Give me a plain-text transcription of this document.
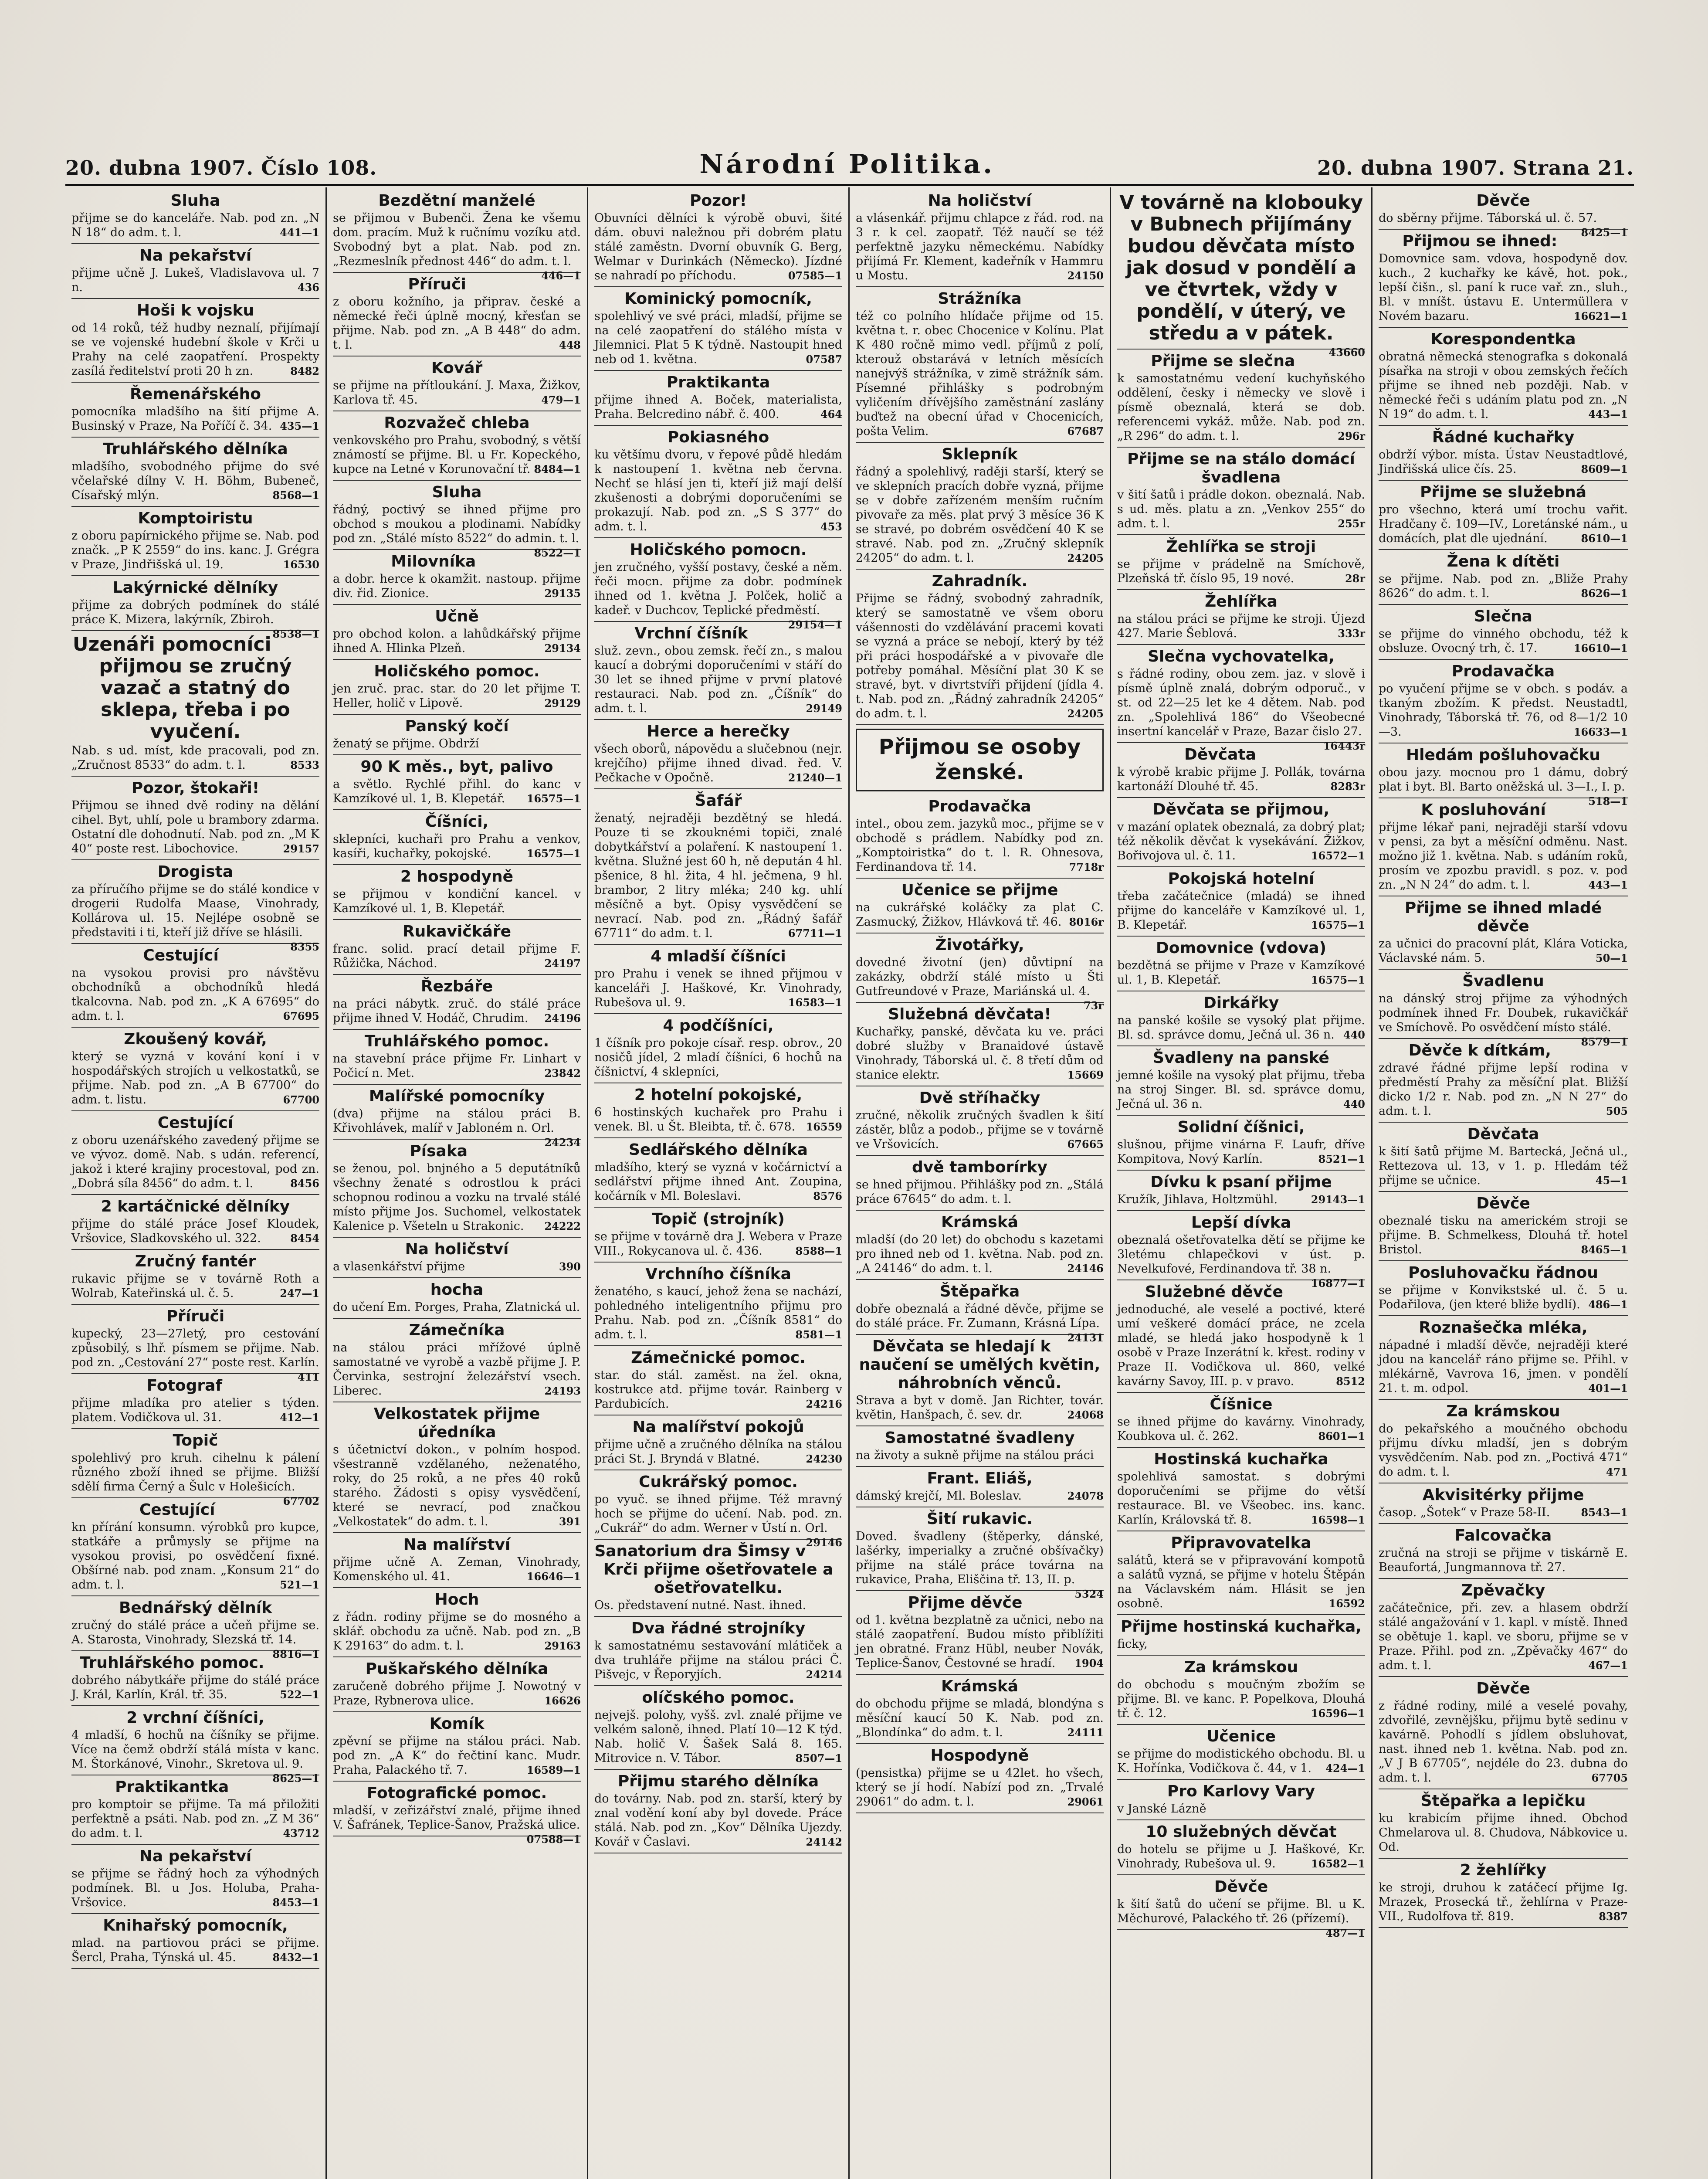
20. dubna 1907. Číslo 108.	Národní Politika.	20. dubna 1907. Strana 21.
Sluha
přijme se do kanceláře. Nab. pod zn. „N N 18“ do adm. t. l.	441—1
Na pekařství
přijme učně J. Lukeš, Vladislavova ul. 7 n.	436
Hoši k vojsku
od 14 roků, též hudby neznalí, přijímají se ve vojenské hudební škole v Krči u Prahy na celé zaopatření. Prospekty zasílá ředitelství proti 20 h zn.	8482
Řemenářského
pomocníka mladšího na šití přijme A. Businský v Praze, Na Poříčí č. 34. 435—1
Truhlářského dělníka
mladšího, svobodného přijme do své včelařské dílny V. H. Böhm, Bubeneč, Císařský mlýn.	8568—1
Komptoiristu
z oboru papírnického přijme se. Nab. pod značk. „P K 2559“ do ins. kanc. J. Grégra v Praze, Jindřišská ul. 19.	16530
Lakýrnické dělníky
přijme za dobrých podmínek do stálé práce K. Mizera, lakýrník, Zbiroh.
8538—1
Uzenáři pomocníci přijmou se zručný vazač a statný do sklepa, třeba i po vyučení.
Nab. s ud. míst, kde pracovali, pod zn. „Zručnost 8533“ do adm. t. l.	8533
Pozor, štokaři!
Přijmou se ihned dvě rodiny na dělání cihel. Byt, uhlí, pole u brambory zdarma. Ostatní dle dohodnutí. Nab. pod zn. „M K 40“ poste rest. Libochovice.	29157
Drogista
za příručího přijme se do stálé kondice v drogerii Rudolfa Maase, Vinohrady, Kollárova ul. 15. Nejlépe osobně se představiti i ti, kteří již dříve se hlásili.
8355
Cestující
na vysokou provisi pro návštěvu obchodníků a obchodníků hledá tkalcovna. Nab. pod zn. „K A 67695“ do adm. t. l.	67695
Zkoušený kovář,
který se vyzná v kování koní i v hospodářských strojích u velkostatků, se přijme. Nab. pod zn. „A B 67700“ do adm. t. listu.	67700
Cestující
z oboru uzenářského zavedený přijme se ve vývoz. domě. Nab. s udán. referencí, jakož i které krajiny procestoval, pod zn. „Dobrá síla 8456“ do adm. t. l.	8456
2 kartáčnické dělníky
přijme do stálé práce Josef Kloudek, Vršovice, Sladkovského ul. 322.	8454
Zručný fantér
rukavic přijme se v továrně Roth a Wolrab, Kateřinská ul. č. 5.	247—1
Příruči
kupecký, 23—27letý, pro cestování způsobilý, s lhř. písmem se přijme. Nab. pod zn. „Cestování 27“ poste rest. Karlín.
411
Fotograf
přijme mladíka pro atelier s týden. platem. Vodičkova ul. 31.	412—1
Topič
spolehlivý pro kruh. cihelnu k pálení různého zboží ihned se přijme. Bližší sdělí firma Černý a Šulc v Holešicích.
67702
Cestující
kn přírání konsumn. výrobků pro kupce, statkáře a průmysly se přijme na vysokou provisi, po osvědčení fixné. Obšírné nab. pod znam. „Konsum 21“ do adm. t. l.	521—1
Bednářský dělník
zručný do stálé práce a učeň přijme se. A. Starosta, Vinohrady, Slezská tř. 14.
8816—1
Truhlářského pomoc.
dobrého nábytkáře přijme do stálé práce J. Král, Karlín, Král. tř. 35.	522—1
2 vrchní číšníci,
4 mladší, 6 hochů na číšníky se přijme. Více na čemž obdrží stálá místa v kanc. M. Štorkánové, Vinohr., Skretova ul. 9.
8625—1
Praktikantka
pro komptoir se přijme. Ta má přiložiti perfektně a psáti. Nab. pod zn. „Z M 36“ do adm. t. l.	43712
Na pekařství
se přijme se řádný hoch za výhodných podmínek. Bl. u Jos. Holuba, Praha-Vršovice.	8453—1
Knihařský pomocník,
mlad. na partiovou práci se přijme. Šercl, Praha, Týnská ul. 45.	8432—1
Bezdětní manželé
se přijmou v Bubenči. Žena ke všemu dom. pracím. Muž k ručnímu vozíku atd. Svobodný byt a plat. Nab. pod zn. „Rezmeslník přednost 446“ do adm. t. l.
446—1
Příruči
z oboru kožního, ja připrav. české a německé řeči úplně mocný, křesťan se přijme. Nab. pod zn. „A B 448“ do adm. t. l.	448
Kovář
se přijme na přítloukání. J. Maxa, Žižkov, Karlova tř. 45.	479—1
Rozvažeč chleba
venkovského pro Prahu, svobodný, s větší známostí se přijme. Bl. u Fr. Kopeckého, kupce na Letné v Korunovační tř. 8484—1
Sluha
řádný, poctivý se ihned přijme pro obchod s moukou a plodinami. Nabídky pod zn. „Stálé místo 8522“ do admin. t. l.
8522—1
Milovníka
a dobr. herce k okamžit. nastoup. přijme div. řid. Zionice.	29135
Učně
pro obchod kolon. a lahůdkářský přijme ihned A. Hlinka Plzeň.	29134
Holičského pomoc.
jen zruč. prac. star. do 20 let přijme T. Heller, holič v Lipově.	29129
Panský kočí
ženatý se přijme. Obdrží
90 K měs., byt, palivo
a světlo. Rychlé přihl. do kanc v Kamzíkové ul. 1, B. Klepetář. 16575—1
Číšníci,
sklepníci, kuchaři pro Prahu a venkov, kasíři, kuchařky, pokojské.	16575—1
2 hospodyně
se přijmou v kondiční kancel. v Kamzíkové ul. 1, B. Klepetář.
Rukavičkáře
franc. solid. prací detail přijme F. Růžička, Náchod.	24197
Řezbáře
na práci nábytk. zruč. do stálé práce přijme ihned V. Hodáč, Chrudim. 24196
Truhlářského pomoc.
na stavební práce přijme Fr. Linhart v Počicí n. Met.	23842
Malířské pomocníky
(dva) přijme na stálou práci B. Křivohlávek, malíř v Jabloném n. Orl.
24234
Písaka
se ženou, pol. bnjného a 5 deputátníků všechny ženaté s odrostlou k práci schopnou rodinou a vozku na trvalé stálé místo přijme Jos. Suchomel, velkostatek Kalenice p. Všeteln u Strakonic. 24222
Na holičství
a vlasenkářství přijme	390
hocha
do učení Em. Porges, Praha, Zlatnická ul.
Zámečníka
na stálou práci mřížové úplně samostatné ve vyrobě a vazbě přijme J. P. Červinka, sestrojní železářství vsech. Liberec.	24193
Velkostatek přijme úředníka
s účetnictví dokon., v polním hospod. všestranně vzdělaného, neženatého, roky, do 25 roků, a ne přes 40 roků starého. Žádosti s opisy vysvědčení, které se nevrací, pod značkou „Velkostatek“ do adm. t. l.	391
Na malířství
přijme učně A. Zeman, Vinohrady, Komenského ul. 41.	16646—1
Hoch
z řádn. rodiny přijme se do mosného a sklář. obchodu za učně. Nab. pod zn. „B K 29163“ do adm. t. l.	29163
Puškařského dělníka
zaručeně dobrého přijme J. Nowotný v Praze, Rybnerova ulice.	16626
Komík
zpěvní se přijme na stálou práci. Nab. pod zn. „A K“ do řečtiní kanc. Mudr. Praha, Palackého tř. 7.	16589—1
Fotografické pomoc.
mladší, v zeřizářství znalé, přijme ihned V. Šafránek, Teplice-Šanov, Pražská ulice.
07588—1
Pozor!
Obuvníci dělníci k výrobě obuvi, šité dám. obuvi naležnou při dobrém platu stálé zaměstn. Dvorní obuvník G. Berg, Welmar v Durinkách (Německo). Jízdné se nahradí po příchodu.	07585—1
Kominický pomocník,
spolehlivý ve své práci, mladší, přijme se na celé zaopatření do stálého místa v Jilemnici. Plat 5 K týdně. Nastoupit hned neb od 1. května.	07587
Praktikanta
přijme ihned A. Boček, materialista, Praha. Belcredino nábř. č. 400.	464
Pokiasného
ku většímu dvoru, v řepové půdě hledám k nastoupení 1. května neb června. Nechť se hlásí jen ti, kteří již mají delší zkušenosti a dobrými doporučeními se prokazují. Nab. pod zn. „S S 377“ do adm. t. l.	453
Holičského pomocn.
jen zručného, vyšší postavy, české a něm. řeči mocn. přijme za dobr. podmínek ihned od 1. května J. Polček, holič a kadeř. v Duchcov, Teplické předměstí.
29154—1
Vrchní číšník
služ. zevn., obou zemsk. řečí zn., s malou kaucí a dobrými doporučeními v stáří do 30 let se ihned přijme v první platové restauraci. Nab. pod zn. „Číšník“ do adm. t. l.	29149
Herce a herečky
všech oborů, nápovědu a slučebnou (nejr. krejčího) přijme ihned divad. řed. V. Pečkache v Opočně.	21240—1
Šafář
ženatý, nejraději bezdětný se hledá. Pouze ti se zkouknémi topiči, znalé dobytkářství a polaření. K nastoupení 1. května. Služné jest 60 h, ně depután 4 hl. pšenice, 8 hl. žita, 4 hl. ječmena, 9 hl. brambor, 2 litry mléka; 240 kg. uhlí měsíčně a byt. Opisy vysvědčení se nevrací. Nab. pod zn. „Řádný šafář 67711“ do adm. t. l.	67711—1
4 mladší číšníci
pro Prahu i venek se ihned přijmou v kanceláři J. Haškové, Kr. Vinohrady, Rubešova ul. 9.	16583—1
4 podčíšníci,
1 číšník pro pokoje císař. resp. obrov., 20 nosičů jídel, 2 mladí číšníci, 6 hochů na číšnictví, 4 sklepníci,
2 hotelní pokojské,
6 hostinských kuchařek pro Prahu i venek. Bl. u Št. Bleibta, tř. č. 678. 16559
Sedlářského dělníka
mladšího, který se vyzná v kočárnictví a sedlářství přijme ihned Ant. Zoupina, kočárník v Ml. Boleslavi.	8576
Topič (strojník)
se přijme v továrně dra J. Webera v Praze VIII., Rokycanova ul. č. 436.	8588—1
Vrchního číšníka
ženatého, s kaucí, jehož žena se nachází, pohledného inteligentního přijmu pro Prahu. Nab. pod zn. „Číšník 8581“ do adm. t. l.	8581—1
Zámečnické pomoc.
star. do stál. zaměst. na žel. okna, kostrukce atd. přijme továr. Rainberg v Pardubicích.	24216
Na malířství pokojů
přijme učně a zručného dělníka na stálou práci St. J. Bryndá v Blatné.	24230
Cukrářský pomoc.
po vyuč. se ihned přijme. Též mravný hoch se přijme do učení. Nab. pod. zn. „Cukrář“ do adm. Werner v Ústí n. Orl.
29146
Sanatorium dra Šimsy v Krči přijme ošetřovatele a ošetřovatelku.
Os. představení nutné. Nast. ihned.
Dva řádné strojníky
k samostatnému sestavování mlátiček a dva truhláře přijme na stálou práci Č. Pišvejc, v Řeporyjích.	24214
olíčského pomoc.
nejvejš. polohy, vyšš. zvl. znalé přijme ve velkém saloně, ihned. Platí 10—12 K týd. Nab. holič V. Šašek Salá 8. 165. Mitrovice n. V. Tábor.	8507—1
Přijmu starého dělníka
do továrny. Nab. pod zn. starší, který by znal vodění koní aby byl dovede. Práce stálá. Nab. pod zn. „Kov“ Dělníka Ujezdy. Kovář v Časlavi.	24142
Na holičství
a vlásenkář. přijmu chlapce z řád. rod. na 3 r. k cel. zaopatř. Též naučí se též perfektně jazyku německému. Nabídky přijímá Fr. Klement, kadeřník v Hammru u Mostu.	24150
Strážníka
též co polního hlídače přijme od 15. května t. r. obec Chocenice v Kolínu. Plat K 480 ročně mimo vedl. příjmů z polí, kterouž obstarává v letních měsících nanejvýš strážníka, v zimě strážník sám. Písemné přihlášky s podrobným vyličením dřívějšího zaměstnání zaslány buďtež na obecní úřad v Chocenicích, pošta Velim.	67687
Sklepník
řádný a spolehlivý, raději starší, který se ve sklepních pracích dobře vyzná, přijme se v dobře zařízeném menším ručním pivovaře za měs. plat prvý 3 měsíce 36 K se stravé, po dobrém osvědčení 40 K se stravé. Nab. pod zn. „Zručný sklepník 24205“ do adm. t. l.	24205
Zahradník.
Přijme se řádný, svobodný zahradník, který se samostatně ve všem oboru vášennosti do vzdělávání pracemi kovati se vyzná a práce se nebojí, který by též při práci hospodářské a v pivovaře dle potřeby pomáhal. Měsíční plat 30 K se stravé, byt. v divrtstvíři přijdení (jídla 4. t. Nab. pod zn. „Řádný zahradník 24205“ do adm. t. l.	24205
Přijmou se osoby ženské.
Prodavačka
intel., obou zem. jazyků moc., přijme se v obchodě s prádlem. Nabídky pod zn. „Komptoiristka“ do t. l. R. Ohnesova, Ferdinandova tř. 14.	7718r
Učenice se přijme
na cukrářské koláčky za plat C. Zasmucký, Žižkov, Hlávková tř. 46. 8016r
Životářky,
dovedné životní (jen) důvtipní na zakázky, obdrží stálé místo u Šti Gutfreundové v Praze, Mariánská ul. 4.
73r
Služebná děvčata!
Kuchařky, panské, děvčata ku ve. práci dobré služby v Branaidové ústavě Vinohrady, Táborská ul. č. 8 třetí dům od stanice elektr.	15669
Dvě stříhačky
zručné, několik zručných švadlen k šití zástěr, blůz a podob., přijme se v továrně ve Vršovicích.	67665
dvě tamborírky
se hned přijmou. Přihlášky pod zn. „Stálá práce 67645“ do adm. t. l.
Krámská
mladší (do 20 let) do obchodu s kazetami pro ihned neb od 1. května. Nab. pod zn. „A 24146“ do adm. t. l.	24146
Štěpařka
dobře obeznalá a řádné děvče, přijme se do stálé práce. Fr. Zumann, Krásná Lípa.
24131
Děvčata se hledají k naučení se umělých květin, náhrobních věnců.
Strava a byt v domě. Jan Richter, továr. květin, Hanšpach, č. sev. dr.	24068
Samostatné švadleny
na životy a sukně přijme na stálou práci
Frant. Eliáš,
dámský krejčí, Ml. Boleslav.	24078
Šití rukavic.
Doved. švadleny (štěperky, dánské, lašérky, imperialky a zručné obšívačky) přijme na stálé práce továrna na rukavice, Praha, Eliščina tř. 13, II. p.
5324
Přijme děvče
od 1. května bezplatně za učnici, nebo na stálé zaopatření. Budou místo přiblížiti jen obratné. Franz Hübl, neuber Novák, Teplice-Šanov, Čestovné se hradí. 1904
Krámská
do obchodu přijme se mladá, blondýna s měsíční kaucí 50 K. Nab. pod zn. „Blondínka“ do adm. t. l.	24111
Hospodyně
(pensistka) přijme se u 42let. ho všech, který se jí hodí. Nabízí pod zn. „Trvalé 29061“ do adm. t. l.	29061
V továrně na klobouky v Bubnech přijímány budou děvčata místo jak dosud v pondělí a ve čtvrtek, vždy v pondělí, v úterý, ve středu a v pátek.
43660
Přijme se slečna
k samostatnému vedení kuchyňského oddělení, česky i německy ve slově i písmě obeznalá, která se dob. referencemi vykáž. může. Nab. pod zn. „R 296“ do adm. t. l.	296r
Přijme se na stálo domácí švadlena
v šití šatů i prádle dokon. obeznalá. Nab. s ud. měs. platu a zn. „Venkov 255“ do adm. t. l.	255r
Žehlířka se stroji
se přijme v prádelně na Smíchově, Plzeňská tř. číslo 95, 19 nové.	28r
Žehlířka
na stálou práci se přijme ke stroji. Újezd 427. Marie Šeblová.	333r
Slečna vychovatelka,
s řádné rodiny, obou zem. jaz. v slově i písmě úplně znalá, dobrým odporuč., v st. od 22—25 let ke 4 dětem. Nab. pod zn. „Spolehlivá 186“ do Všeobecné insertní kancelář v Praze, Bazar čislo 27.
16443r
Děvčata
k výrobě krabic přijme J. Pollák, továrna kartonáží Dlouhé tř. 45.	8283r
Děvčata se přijmou,
v mazání oplatek obeznalá, za dobrý plat; též několik děvčat k vysekávání. Žižkov, Bořivojova ul. č. 11.	16572—1
Pokojská hotelní
třeba začátečnice (mladá) se ihned přijme do kanceláře v Kamzíkové ul. 1, B. Klepetář.	16575—1
Domovnice (vdova)
bezdětná se přijme v Praze v Kamzíkové ul. 1, B. Klepetář.	16575—1
Dirkářky
na panské košile se vysoký plat přijme. Bl. sd. správce domu, Ječná ul. 36 n. 440
Švadleny na panské
jemné košile na vysoký plat přijmu, třeba na stroj Singer. Bl. sd. správce domu, Ječná ul. 36 n.	440
Solidní číšnici,
slušnou, přijme vinárna F. Laufr, dříve Kompitova, Nový Karlín.	8521—1
Dívku k psaní přijme
Kružík, Jihlava, Holtzmühl.	29143—1
Lepší dívka
obeznalá ošetřovatelka dětí se přijme ke 3letému chlapečkovi v úst. p. Nevelkufové, Ferdinandova tř. 38 n.
16877—1
Služebné děvče
jednoduché, ale veselé a poctivé, které umí veškeré domácí práce, ne zcela mladé, se hledá jako hospodyně k 1 osobě v Praze Inzerátní k. křest. rodiny v Praze II. Vodičkova ul. 860, velké kavárny Savoy, III. p. v pravo.	8512
Číšnice
se ihned přijme do kavárny. Vinohrady, Koubkova ul. č. 262.	8601—1
Hostinská kuchařka
spolehlivá samostat. s dobrými doporučeními se přijme do větší restaurace. Bl. ve Všeobec. ins. kanc. Karlín, Královská tř. 8.	16598—1
Připravovatelka
salátů, která se v připravování kompotů a salátů vyzná, se přijme v hotelu Štěpán na Václavském nám. Hlásit se jen osobně.	16592
Přijme hostinská kuchařka,
ficky,
Za krámskou
do obchodu s moučným zbožím se přijme. Bl. ve kanc. P. Popelkova, Dlouhá tř. č. 12.	16596—1
Učenice
se přijme do modistického obchodu. Bl. u K. Hořínka, Vodičkova č. 44, v 1. 424—1
Pro Karlovy Vary
v Janské Lázně
10 služebných děvčat
do hotelu se přijme u J. Haškové, Kr. Vinohrady, Rubešova ul. 9.	16582—1
Děvče
k šití šatů do učení se přijme. Bl. u K. Měchurové, Palackého tř. 26 (přízemí).
487—1
Děvče
do sběrny přijme. Táborská ul. č. 57.
8425—1
Přijmou se ihned:
Domovnice sam. vdova, hospodyně dov. kuch., 2 kuchařky ke kávě, hot. pok., lepší čišn., sl. paní k ruce vař. zn., sluh., Bl. v mníšt. ústavu E. Untermüllera v Novém bazaru.	16621—1
Korespondentka
obratná německá stenografka s dokonalá písařka na stroji v obou zemských řečích přijme se ihned neb později. Nab. v německé řeči s udáním platu pod zn. „N N 19“ do adm. t. l.	443—1
Řádné kuchařky
obdrží výbor. místa. Ústav Neustadtlové, Jindřišská ulice čís. 25.	8609—1
Přijme se služebná
pro všechno, která umí trochu vařit. Hradčany č. 109—IV., Loretánské nám., u domácích, plat dle ujednání.	8610—1
Žena k dítěti
se přijme. Nab. pod zn. „Bliže Prahy 8626“ do adm. t. l.	8626—1
Slečna
se přijme do vinného obchodu, též k obsluze. Ovocný trh, č. 17.	16610—1
Prodavačka
po vyučení přijme se v obch. s podáv. a tkaným zbožím. K předst. Neustadtl, Vinohrady, Táborská tř. 76, od 8—1/2 10—3.	16633—1
Hledám pošluhovačku
obou jazy. mocnou pro 1 dámu, dobrý plat i byt. Bl. Barto oněžská ul. 3—I., I. p.
518—1
K posluhování
přijme lékař pani, nejraději starší vdovu v pensi, za byt a měsíční odměnu. Nast. možno již 1. května. Nab. s udáním roků, prosím ve zpozbu pravidl. s poz. v. pod zn. „N N 24“ do adm. t. l.	443—1
Přijme se ihned mladé děvče
za učnici do pracovní plát, Klára Voticka, Václavské nám. 5.	50—1
Švadlenu
na dánský stroj přijme za výhodných podmínek ihned Fr. Doubek, rukavičkář ve Smíchově. Po osvědčení místo stálé.
8579—1
Děvče k dítkám,
zdravé řádné přijme lepší rodina v předměstí Prahy za měsíční plat. Bližší dicko 1/2 r. Nab. pod zn. „N N 27“ do adm. t. l.	505
Děvčata
k šití šatů přijme M. Bartecká, Ječná ul., Rettezova ul. 13, v 1. p. Hledám též přijme se učnice.	45—1
Děvče
obeznalé tisku na americkém stroji se přijme. B. Schmelkess, Dlouhá tř. hotel Bristol.	8465—1
Posluhovačku řádnou
se přijme v Konvikstské ul. č. 5 u. Podařilova, (jen které bliže bydlí). 486—1
Roznašečka mléka,
nápadné i mladší děvče, nejraději které jdou na kancelář ráno přijme se. Přihl. v mlékárně, Vavrova 16, jmen. v pondělí 21. t. m. odpol.	401—1
Za krámskou
do pekařského a moučného obchodu přijmu dívku mladší, jen s dobrým vysvědčením. Nab. pod zn. „Poctivá 471“ do adm. t. l.	471
Akvisitérky přijme
časop. „Šotek“ v Praze 58-II.	8543—1
Falcovačka
zručná na stroji se přijme v tiskárně E. Beaufortá, Jungmannova tř. 27.
Zpěvačky
začátečnice, při. zev. a hlasem obdrží stálé angažování v 1. kapl. v místě. Ihned se obětuje 1. kapl. ve sboru, přijme se v Praze. Přihl. pod zn. „Zpěvačky 467“ do adm. t. l.	467—1
Děvče
z řádné rodiny, milé a veselé povahy, zdvořilé, zevnějšku, přijmu bytě sedinu v kavárně. Pohodlí s jídlem obsluhovat, nast. ihned neb 1. května. Nab. pod zn. „V J B 67705“, nejdéle do 23. dubna do adm. t. l.	67705
Štěpařka a lepičku
ku krabicím přijme ihned. Obchod Chmelarova ul. 8. Chudova, Nábkovice u. Od.
2 žehlířky
ke stroji, druhou k zatáčecí přijme Ig. Mrazek, Prosecká tř., žehlírna v Praze-VII., Rudolfova tř. 819.	8387
